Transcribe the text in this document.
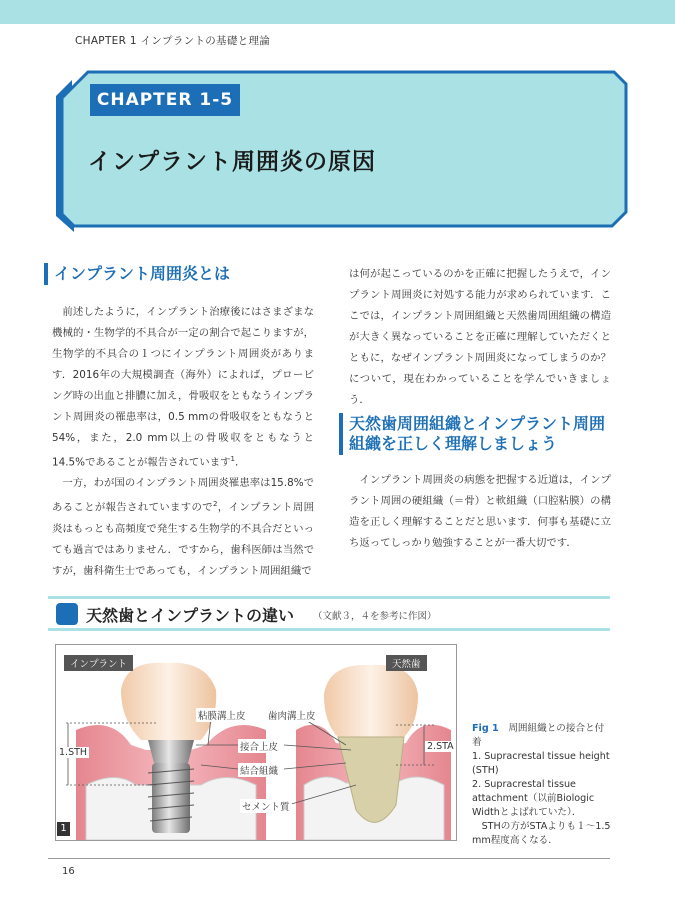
CHAPTER 1 インプラントの基礎と理論
CHAPTER 1-5
インプラント周囲炎の原因
インプラント周囲炎とは

前述したように，インプラント治療後にはさまざまな機械的・生物学的不具合が一定の割合で起こりますが，生物学的不具合の１つにインプラント周囲炎があります．2016年の大規模調査（海外）によれば，プロービング時の出血と排膿に加え，骨吸収をともなうインプラント周囲炎の罹患率は，0.5 mmの骨吸収をともなうと54%，また，2.0 mm以上の骨吸収をともなうと14.5%であることが報告されています$^1$．

一方，わが国のインプラント周囲炎罹患率は15.8%であることが報告されていますので$^2$，インプラント周囲炎はもっとも高頻度で発生する生物学的不具合だといっても過言ではありません．ですから，歯科医師は当然ですが，歯科衛生士であっても，インプラント周囲組織で

は何が起こっているのかを正確に把握したうえで，インプラント周囲炎に対処する能力が求められています．ここでは，インプラント周囲組織と天然歯周囲組織の構造が大きく異なっていることを正確に理解していただくとともに，なぜインプラント周囲炎になってしまうのか？について，現在わかっていることを学んでいきましょう．

天然歯周囲組織とインプラント周囲
組織を正しく理解しましょう

インプラント周囲炎の病態を把握する近道は，インプラント周囲の硬組織（＝骨）と軟組織（口腔粘膜）の構造を正しく理解することだと思います．何事も基礎に立ち返ってしっかり勉強することが一番大切です．

天然歯とインプラントの違い （文献３，４を参考に作図）
インプラント	天然歯
粘膜溝上皮 歯肉溝上皮
接合上皮
結合組織
セメント質
1.STH
2.STA
1
Fig 1　 周囲組織との接合と付着
1. Supracrestal tissue height (STH)
2. Supracrestal tissue attachment（以前Biologic Widthとよばれていた）．
STHの方がSTAよりも１〜1.5 mm程度高くなる．
16
